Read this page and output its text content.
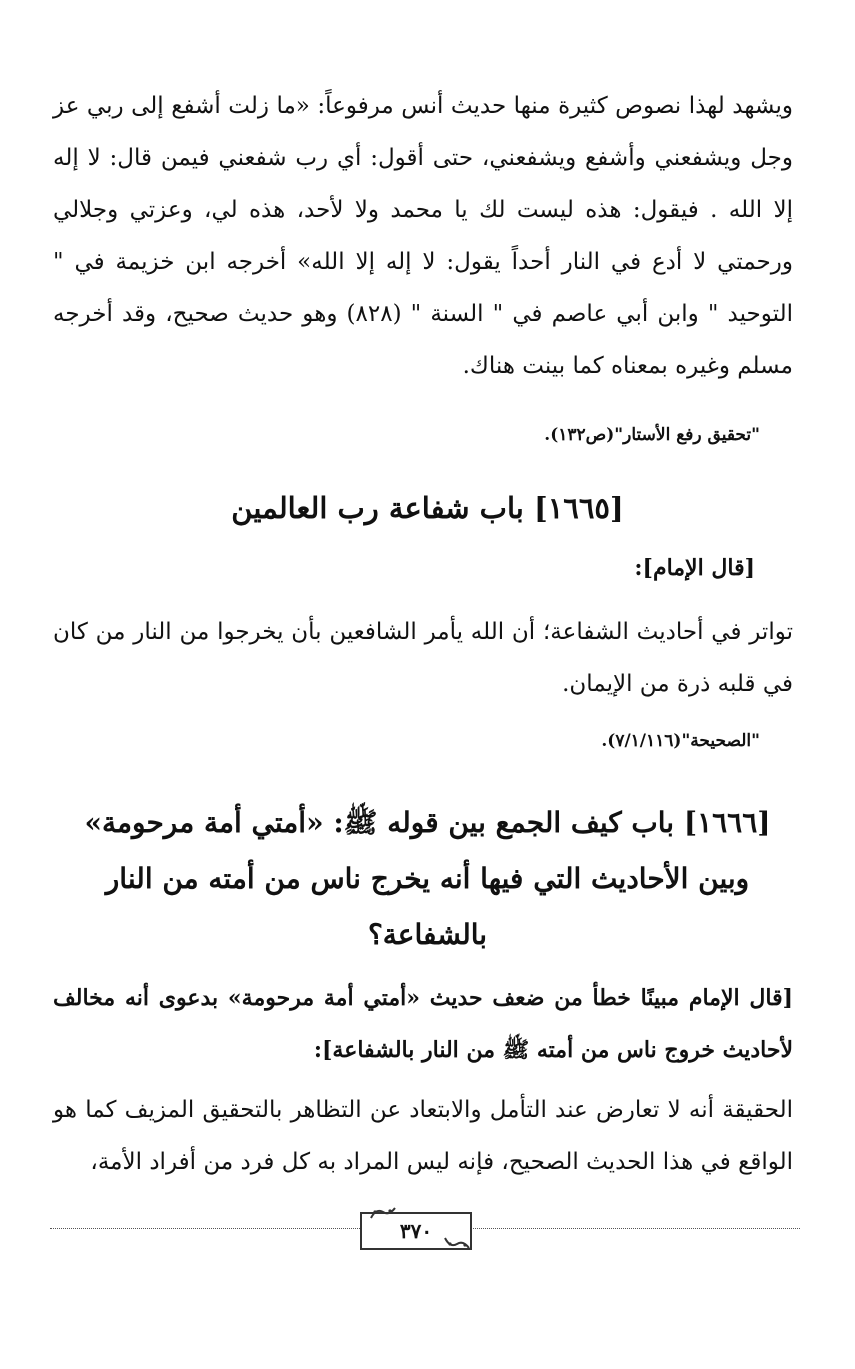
ويشهد لهذا نصوص كثيرة منها حديث أنس مرفوعاً: «ما زلت أشفع إلى ربي عز وجل ويشفعني وأشفع ويشفعني، حتى أقول: أي رب شفعني فيمن قال: لا إله إلا الله . فيقول: هذه ليست لك يا محمد ولا لأحد، هذه لي، وعزتي وجلالي ورحمتي لا أدع في النار أحداً يقول: لا إله إلا الله» أخرجه ابن خزيمة في " التوحيد " وابن أبي عاصم في " السنة " (٨٢٨) وهو حديث صحيح، وقد أخرجه مسلم وغيره بمعناه كما بينت هناك.

"تحقيق رفع الأستار"(ص١٣٢).
[١٦٦٥] باب شفاعة رب العالمين
[قال الإمام]:

تواتر في أحاديث الشفاعة؛ أن الله يأمر الشافعين بأن يخرجوا من النار من كان في قلبه ذرة من الإيمان.

"الصحيحة"(٧/١/١١٦).
[١٦٦٦] باب كيف الجمع بين قوله ﷺ: «أمتي أمة مرحومة»
وبين الأحاديث التي فيها أنه يخرج ناس من أمته من النار
بالشفاعة؟

[قال الإمام مبينًا خطأ من ضعف حديث «أمتي أمة مرحومة» بدعوى أنه مخالف لأحاديث خروج ناس من أمته ﷺ من النار بالشفاعة]:

الحقيقة أنه لا تعارض عند التأمل والابتعاد عن التظاهر بالتحقيق المزيف كما هو الواقع في هذا الحديث الصحيح، فإنه ليس المراد به كل فرد من أفراد الأمة،

٣٧٠
